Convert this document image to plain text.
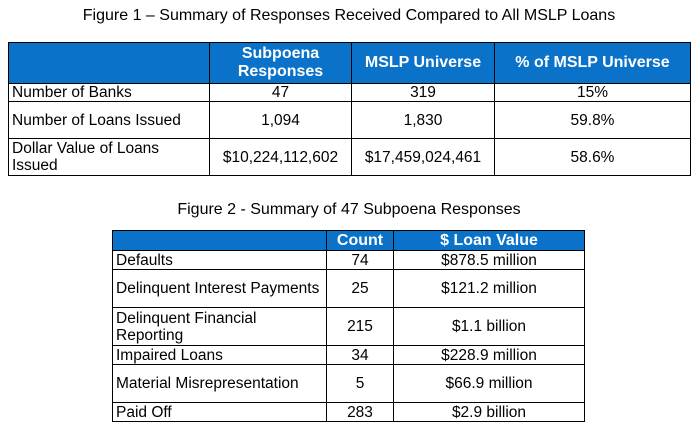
Figure 1 – Summary of Responses Received Compared to All MSLP Loans
	Subpoena Responses	MSLP Universe	% of MSLP Universe
Number of Banks	47	319	15%
Number of Loans Issued	1,094	1,830	59.8%
Dollar Value of Loans Issued	$10,224,112,602	$17,459,024,461	58.6%
Figure 2 - Summary of 47 Subpoena Responses
	Count	$ Loan Value
Defaults	74	$878.5 million
Delinquent Interest Payments	25	$121.2 million
Delinquent Financial Reporting	215	$1.1 billion
Impaired Loans	34	$228.9 million
Material Misrepresentation	5	$66.9 million
Paid Off	283	$2.9 billion
